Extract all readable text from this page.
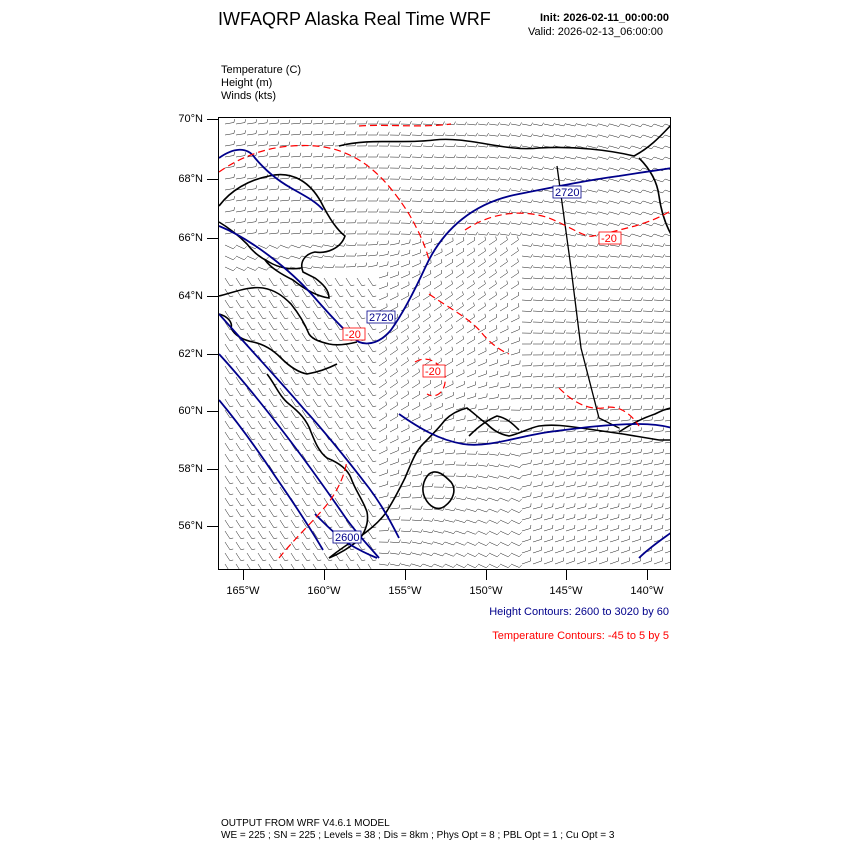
IWFAQRP Alaska Real Time WRF	Init: 2026-02-11_00:00:00
Valid: 2026-02-13_06:00:00
Temperature (C)
Height (m)
Winds (kts)
70°N
68°N
66°N
64°N
62°N
60°N
58°N
56°N
165°W	160°W	155°W	150°W	145°W	140°W
2720
2720
2600
-20
-20
-20
Height Contours: 2600 to 3020 by 60
Temperature Contours: -45 to 5 by 5
OUTPUT FROM WRF V4.6.1 MODEL
WE = 225 ; SN = 225 ; Levels = 38 ; Dis = 8km ; Phys Opt = 8 ; PBL Opt = 1 ; Cu Opt = 3
